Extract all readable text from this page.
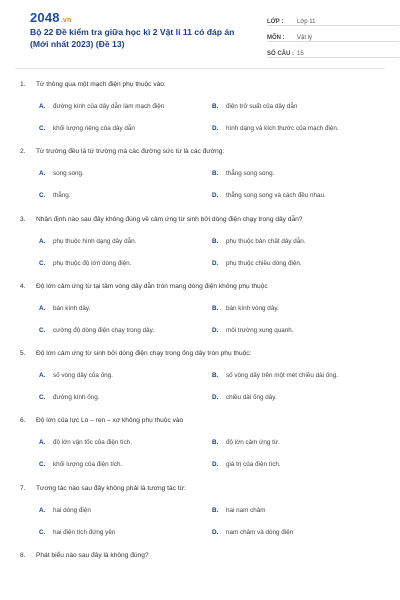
2048.vn
Bộ 22 Đề kiểm tra giữa học kì 2 Vật lí 11 có đáp án (Mới nhất 2023) (Đề 13)
LỚP :	Lớp 11
MÔN :	Vật lý
SỐ CÂU : 15
1.	Từ thông qua một mạch điện phụ thuộc vào:
A.	đường kính của dây dẫn làm mạch điện	B.	điện trở suất của dây dẫn
C.	khối lượng riêng của dây dẫn	D.	hình dạng và kích thước của mạch điện.
2.	Từ trường đều là từ trường mà các đường sức từ là các đường:
A.	song song.	B.	thẳng song song.
C.	thẳng.	D.	thẳng song song và cách đều nhau.
3.	Nhận định nào sau đây không đúng về cảm ứng từ sinh bởi dòng điện chạy trong dây dẫn?
A.	phụ thuộc hình dạng dây dẫn.	B.	phụ thuộc bản chất dây dẫn.
C.	phụ thuộc độ lớn dòng điện.	D.	phụ thuộc chiều dòng điện.
4.	Độ lớn cảm ứng từ tại tâm vòng dây dẫn tròn mang dòng điện không phụ thuộc
A.	bán kính dây.	B.	bán kính vòng dây.
C.	cường độ dòng điện chạy trong dây.	D.	môi trường xung quanh.
5.	Độ lớn cảm ứng từ sinh bởi dòng điện chạy trong ống dây tròn phụ thuộc:
A.	số vòng dây của ống.	B.	số vòng dây trên một mét chiều dài ống.
C.	đường kính ống.	D.	chiều dài ống dây.
6.	Độ lớn của lực Lo – ren – xơ không phụ thuộc vào
A.	độ lớn vận tốc của điện tích.	B.	độ lớn cảm ứng từ.
C.	khối lượng của điện tích.	D.	giá trị của điện tích.
7.	Tương tác nào sau đây không phải là tương tác từ:
A.	hai dòng điện	B.	hai nam châm
C.	hai điện tích đứng yên	D.	nam châm và dòng điện
8.	Phát biểu nào sau đây là không đúng?
